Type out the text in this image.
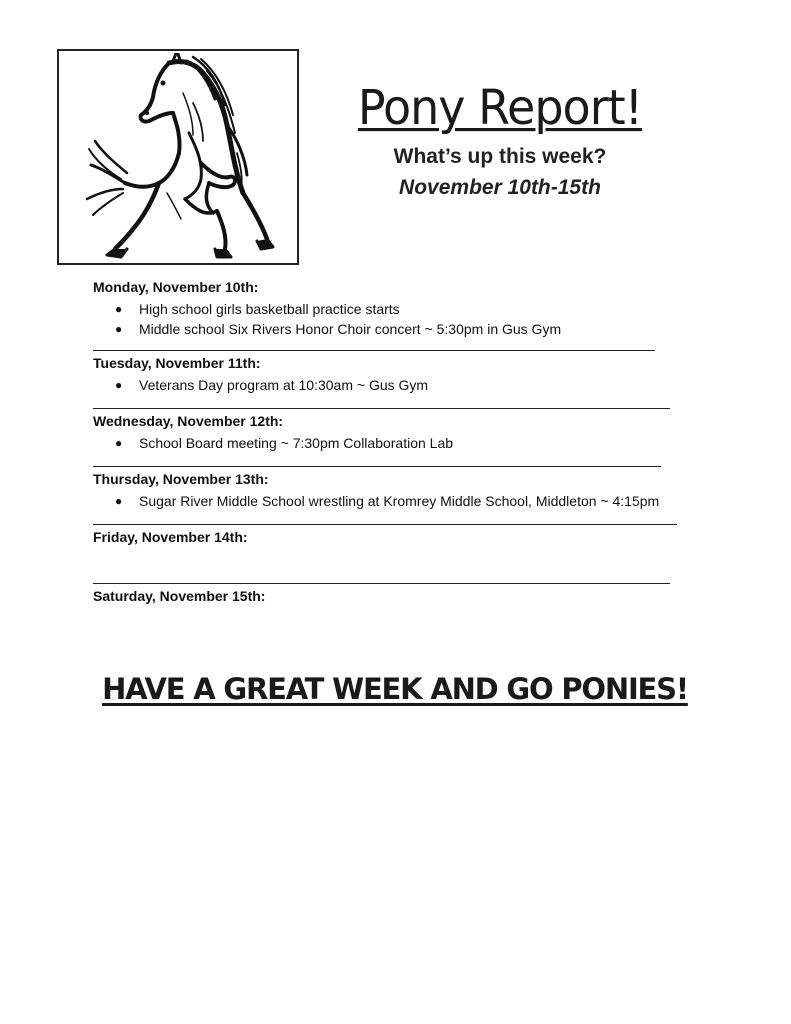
Pony Report!

What’s up this week?

November 10th-15th

Monday, November 10th:

● High school girls basketball practice starts
● Middle school Six Rivers Honor Choir concert ~ 5:30pm in Gus Gym

Tuesday, November 11th:

● Veterans Day program at 10:30am ~ Gus Gym

Wednesday, November 12th:

● School Board meeting ~ 7:30pm Collaboration Lab

Thursday, November 13th:

● Sugar River Middle School wrestling at Kromrey Middle School, Middleton ~ 4:15pm

Friday, November 14th:

Saturday, November 15th:

HAVE A GREAT WEEK AND GO PONIES!
